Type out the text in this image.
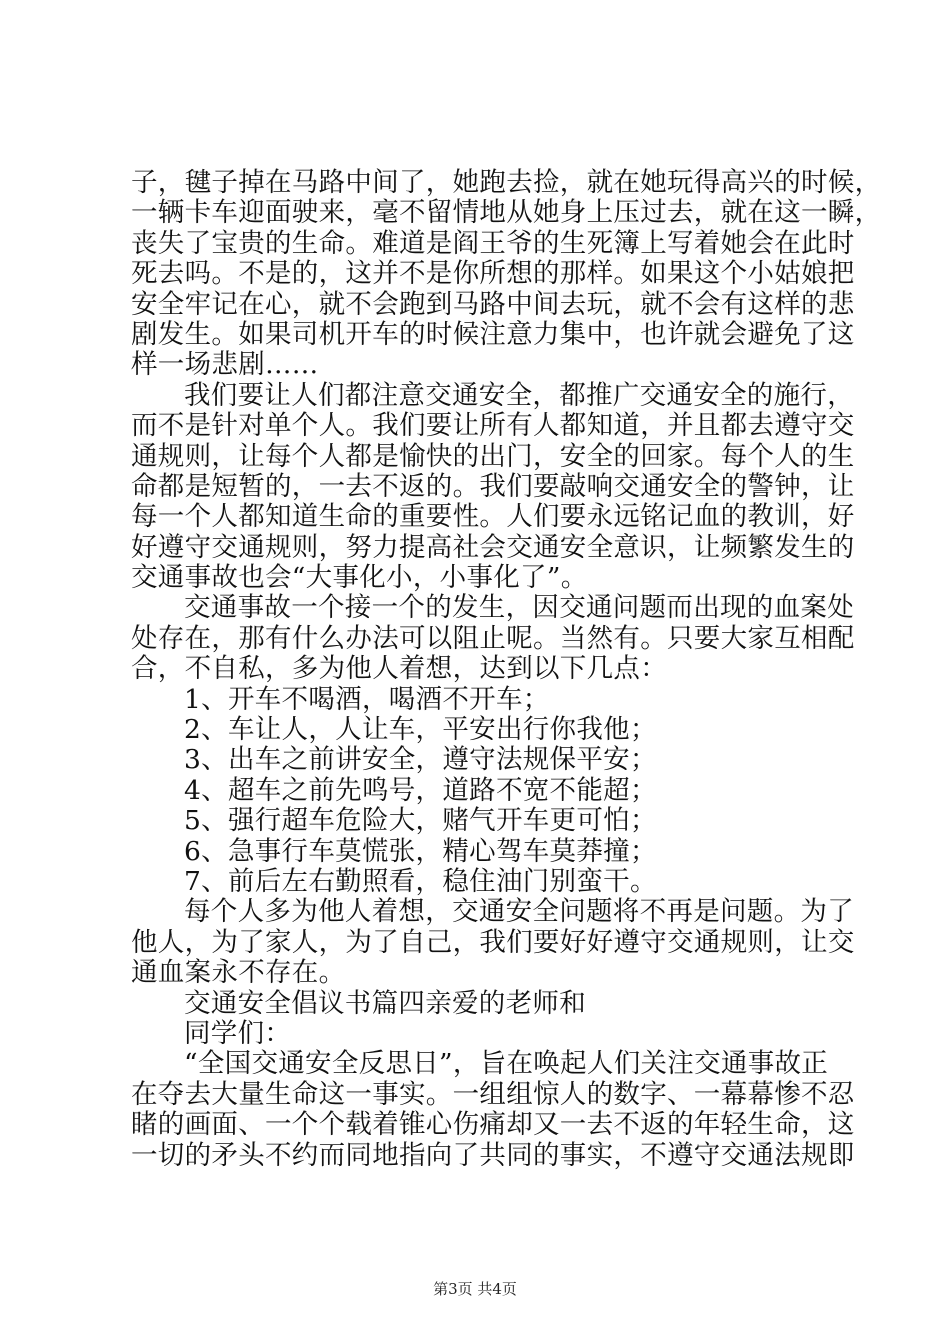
子，毽子掉在马路中间了，她跑去捡，就在她玩得高兴的时候，
一辆卡车迎面驶来，毫不留情地从她身上压过去，就在这一瞬，
丧失了宝贵的生命。难道是阎王爷的生死簿上写着她会在此时
死去吗。不是的，这并不是你所想的那样。如果这个小姑娘把
安全牢记在心，就不会跑到马路中间去玩，就不会有这样的悲
剧发生。如果司机开车的时候注意力集中，也许就会避免了这
样一场悲剧……
我们要让人们都注意交通安全，都推广交通安全的施行，
而不是针对单个人。我们要让所有人都知道，并且都去遵守交
通规则，让每个人都是愉快的出门，安全的回家。每个人的生
命都是短暂的，一去不返的。我们要敲响交通安全的警钟，让
每一个人都知道生命的重要性。人们要永远铭记血的教训，好
好遵守交通规则，努力提高社会交通安全意识，让频繁发生的
交通事故也会“大事化小，小事化了”。
交通事故一个接一个的发生，因交通问题而出现的血案处
处存在，那有什么办法可以阻止呢。当然有。只要大家互相配
合，不自私，多为他人着想，达到以下几点：
1、开车不喝酒，喝酒不开车；
2、车让人，人让车，平安出行你我他；
3、出车之前讲安全，遵守法规保平安；
4、超车之前先鸣号，道路不宽不能超；
5、强行超车危险大，赌气开车更可怕；
6、急事行车莫慌张，精心驾车莫莽撞；
7、前后左右勤照看，稳住油门别蛮干。
每个人多为他人着想，交通安全问题将不再是问题。为了
他人，为了家人，为了自己，我们要好好遵守交通规则，让交
通血案永不存在。
交通安全倡议书篇四亲爱的老师和
同学们：
“全国交通安全反思日”，旨在唤起人们关注交通事故正
在夺去大量生命这一事实。一组组惊人的数字、一幕幕惨不忍
睹的画面、一个个载着锥心伤痛却又一去不返的年轻生命，这
一切的矛头不约而同地指向了共同的事实，不遵守交通法规即
第3页 共4页
